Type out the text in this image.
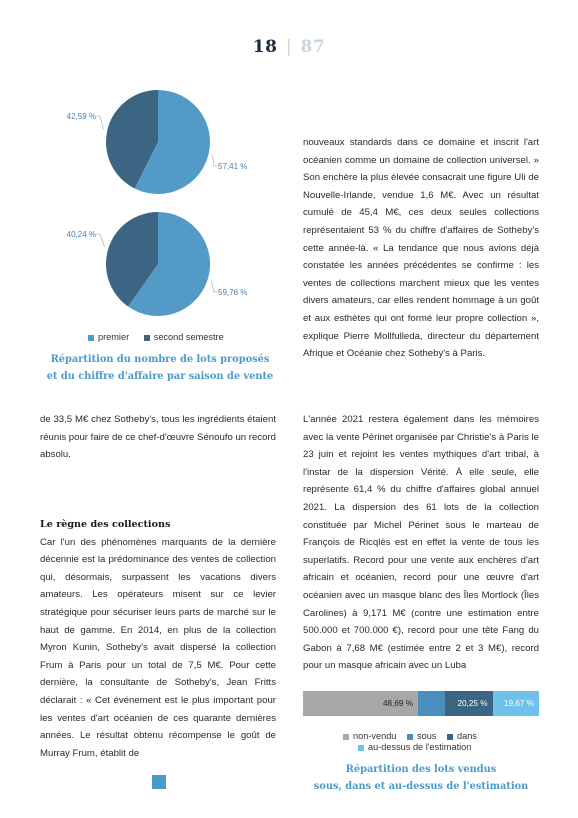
18 | 87
57,41 %
42,59 %
59,76 %
40,24 %
premier	second semestre
Répartition du nombre de lots proposés
et du chiffre d'affaire par saison de vente

nouveaux standards dans ce domaine et inscrit l'art océanien comme un domaine de collection universel. » Son enchère la plus élevée consacrait une figure Uli de Nouvelle-Irlande, vendue 1,6 M€. Avec un résultat cumulé de 45,4 M€, ces deux seules collections représentaient 53 % du chiffre d'affaires de Sotheby's cette année-là. « La tendance que nous avions déjà constatée les années précédentes se confirme : les ventes de collections marchent mieux que les ventes divers amateurs, car elles rendent hommage à un goût et aux esthètes qui ont formé leur propre collection », explique Pierre Mollfulleda, directeur du département Afrique et Océanie chez Sotheby's à Paris.

de 33,5 M€ chez Sotheby's, tous les ingrédients étaient réunis pour faire de ce chef-d'œuvre Sénoufo un record absolu.

Le règne des collections

Car l'un des phénomènes marquants de la dernière décennie est la prédominance des ventes de collection qui, désormais, surpassent les vacations divers amateurs. Les opérateurs misent sur ce levier stratégique pour sécuriser leurs parts de marché sur le haut de gamme. En 2014, en plus de la collection Myron Kunin, Sotheby's avait dispersé la collection Frum à Paris pour un total de 7,5 M€. Pour cette dernière, la consultante de Sotheby's, Jean Fritts déclarait : « Cet événement est le plus important pour les ventes d'art océanien de ces quarante dernières années. Le résultat obtenu récompense le goût de Murray Frum, établit de

L'année 2021 restera également dans les mémoires avec la vente Périnet organisée par Christie's à Paris le 23 juin et rejoint les ventes mythiques d'art tribal, à l'instar de la dispersion Vérité. À elle seule, elle représente 61,4 % du chiffre d'affaires global annuel 2021. La dispersion des 61 lots de la collection constituée par Michel Périnet sous le marteau de François de Ricqlès est en effet la vente de tous les superlatifs. Record pour une vente aux enchères d'art africain et océanien, record pour une œuvre d'art océanien avec un masque blanc des Îles Mortlock (Îles Carolines) à 9,171 M€ (contre une estimation entre 500.000 et 700.000 €), record pour une tête Fang du Gabon à 7,68 M€ (estimée entre 2 et 3 M€), record pour un masque africain avec un Luba

48,69 %	20,25 % 19,67 %
non-vendu sous dans
au-dessus de l'estimation
Répartition des lots vendus
sous, dans et au-dessus de l'estimation
